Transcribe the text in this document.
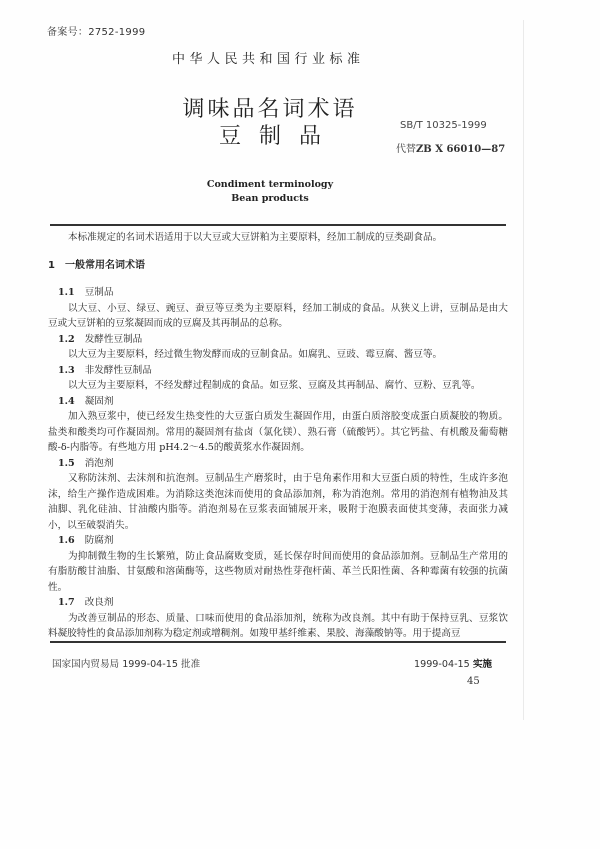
备案号：2752-1999
中华人民共和国行业标准
调味品名词术语
豆制品	SB/T 10325-1999
代替ZB X 66010—87
Condiment terminology
Bean products

本标准规定的名词术语适用于以大豆或大豆饼粕为主要原料，经加工制成的豆类副食品。

1 一般常用名词术语

1.1 豆制品

以大豆、小豆、绿豆、豌豆、蚕豆等豆类为主要原料，经加工制成的食品。从狭义上讲，豆制品是由大豆或大豆饼粕的豆浆凝固而成的豆腐及其再制品的总称。

1.2 发酵性豆制品

以大豆为主要原料，经过微生物发酵而成的豆制食品。如腐乳、豆豉、霉豆腐、酱豆等。

1.3 非发酵性豆制品

以大豆为主要原料，不经发酵过程制成的食品。如豆浆、豆腐及其再制品、腐竹、豆粉、豆乳等。

1.4 凝固剂

加入熟豆浆中，使已经发生热变性的大豆蛋白质发生凝固作用，由蛋白质溶胶变成蛋白质凝胶的物质。盐类和酸类均可作凝固剂。常用的凝固剂有盐卤（氯化镁）、熟石膏（硫酸钙）。其它钙盐、有机酸及葡萄糖酸-δ-内脂等。有些地方用 pH4.2～4.5的酸黄浆水作凝固剂。

1.5 消泡剂

又称防沫剂、去沫剂和抗泡剂。豆制品生产磨浆时，由于皂角素作用和大豆蛋白质的特性，生成许多泡沫，给生产操作造成困难。为消除这类泡沫而使用的食品添加剂，称为消泡剂。常用的消泡剂有植物油及其油脚、乳化硅油、甘油酸内脂等。消泡剂易在豆浆表面铺展开来，吸附于泡膜表面使其变薄，表面张力减小，以至破裂消失。

1.6 防腐剂

为抑制微生物的生长繁殖，防止食品腐败变质，延长保存时间而使用的食品添加剂。豆制品生产常用的有脂肪酸甘油脂、甘氨酸和溶菌酶等，这些物质对耐热性芽孢杆菌、革兰氏阳性菌、各种霉菌有较强的抗菌性。

1.7 改良剂

为改善豆制品的形态、质量、口味而使用的食品添加剂，统称为改良剂。其中有助于保持豆乳、豆浆饮料凝胶特性的食品添加剂称为稳定剂或增稠剂。如羧甲基纤维素、果胶、海藻酸钠等。用于提高豆

国家国内贸易局 1999-04-15 批准	1999-04-15 实施
45
